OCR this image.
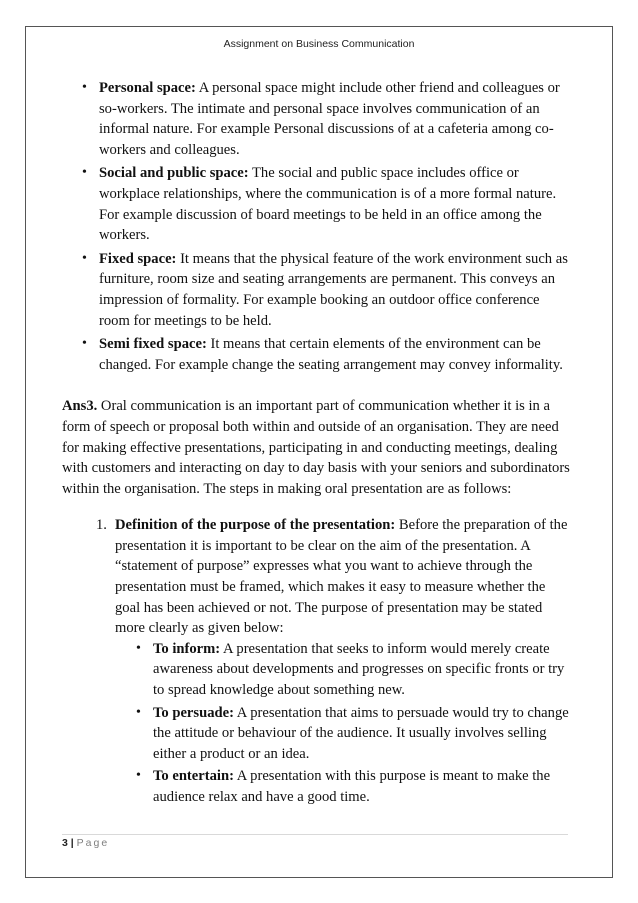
Assignment on Business Communication
• Personal space: A personal space might include other friend and colleagues or so-workers. The intimate and personal space involves communication of an informal nature. For example Personal discussions of at a cafeteria among co-workers and colleagues.
• Social and public space: The social and public space includes office or workplace relationships, where the communication is of a more formal nature. For example discussion of board meetings to be held in an office among the workers.
• Fixed space: It means that the physical feature of the work environment such as furniture, room size and seating arrangements are permanent. This conveys an impression of formality. For example booking an outdoor office conference room for meetings to be held.
• Semi fixed space: It means that certain elements of the environment can be changed. For example change the seating arrangement may convey informality.

Ans3. Oral communication is an important part of communication whether it is in a form of speech or proposal both within and outside of an organisation. They are need for making effective presentations, participating in and conducting meetings, dealing with customers and interacting on day to day basis with your seniors and subordinators within the organisation. The steps in making oral presentation are as follows:

1. Definition of the purpose of the presentation: Before the preparation of the presentation it is important to be clear on the aim of the presentation. A “statement of purpose” expresses what you want to achieve through the presentation must be framed, which makes it easy to measure whether the goal has been achieved or not. The purpose of presentation may be stated more clearly as given below:
• To inform: A presentation that seeks to inform would merely create awareness about developments and progresses on specific fronts or try to spread knowledge about something new.
• To persuade: A presentation that aims to persuade would try to change the attitude or behaviour of the audience. It usually involves selling either a product or an idea.
• To entertain: A presentation with this purpose is meant to make the audience relax and have a good time.
3 | Page
